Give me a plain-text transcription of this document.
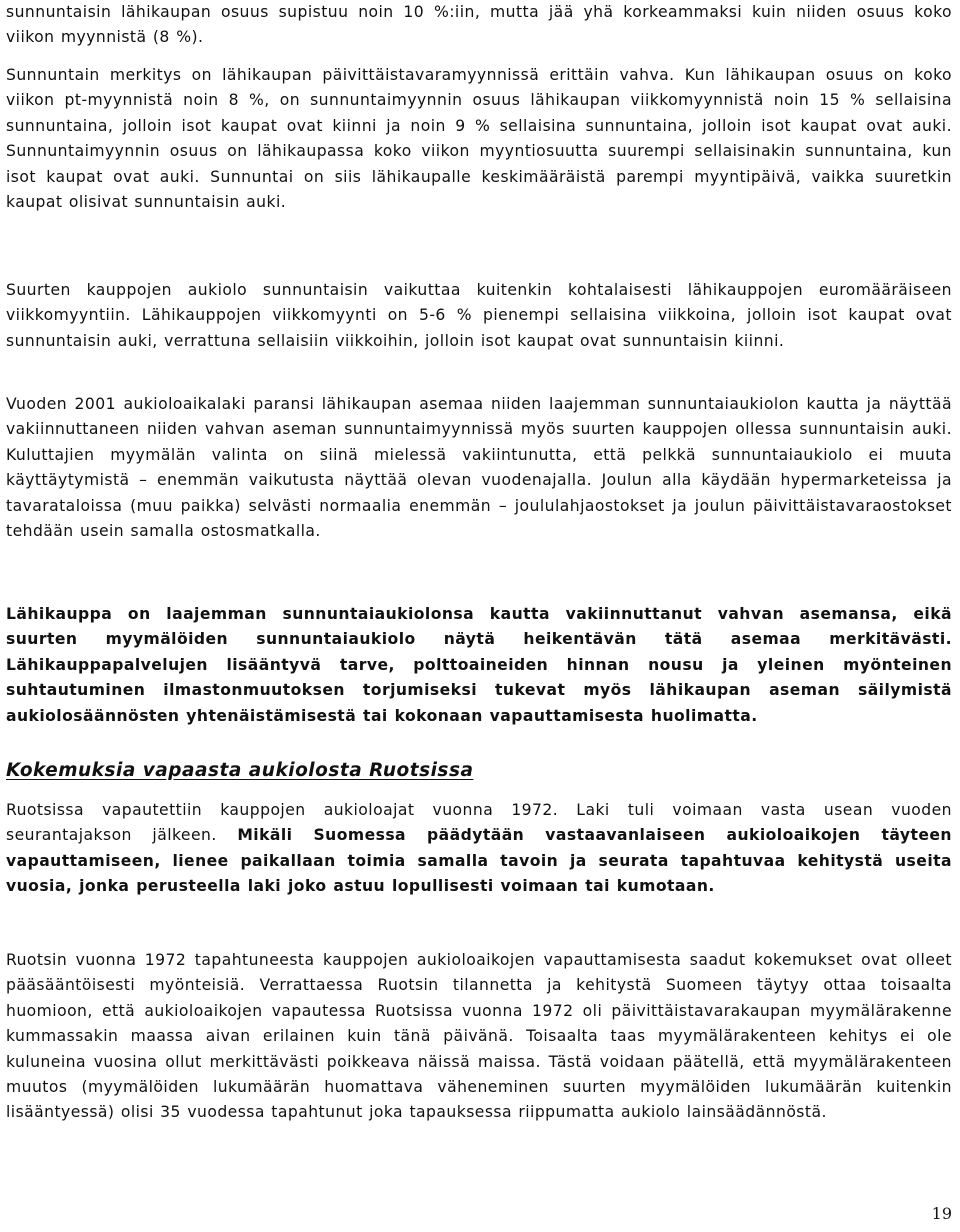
sunnuntaisin lähikaupan osuus supistuu noin 10 %:iin, mutta jää yhä korkeammaksi kuin niiden osuus koko viikon myynnistä (8 %).

Sunnuntain merkitys on lähikaupan päivittäistavaramyynnissä erittäin vahva. Kun lähikaupan osuus on koko viikon pt-myynnistä noin 8 %, on sunnuntaimyynnin osuus lähikaupan viikkomyynnistä noin 15 % sellaisina sunnuntaina, jolloin isot kaupat ovat kiinni ja noin 9 % sellaisina sunnuntaina, jolloin isot kaupat ovat auki. Sunnuntaimyynnin osuus on lähikaupassa koko viikon myyntiosuutta suurempi sellaisinakin sunnuntaina, kun isot kaupat ovat auki. Sunnuntai on siis lähikaupalle keskimääräistä parempi myyntipäivä, vaikka suuretkin kaupat olisivat sunnuntaisin auki.

Suurten kauppojen aukiolo sunnuntaisin vaikuttaa kuitenkin kohtalaisesti lähikauppojen euromääräiseen viikkomyyntiin. Lähikauppojen viikkomyynti on 5-6 % pienempi sellaisina viikkoina, jolloin isot kaupat ovat sunnuntaisin auki, verrattuna sellaisiin viikkoihin, jolloin isot kaupat ovat sunnuntaisin kiinni.

Vuoden 2001 aukioloaikalaki paransi lähikaupan asemaa niiden laajemman sunnuntaiaukiolon kautta ja näyttää vakiinnuttaneen niiden vahvan aseman sunnuntaimyynnissä myös suurten kauppojen ollessa sunnuntaisin auki. Kuluttajien myymälän valinta on siinä mielessä vakiintunutta, että pelkkä sunnuntaiaukiolo ei muuta käyttäytymistä – enemmän vaikutusta näyttää olevan vuodenajalla. Joulun alla käydään hypermarketeissa ja tavarataloissa (muu paikka) selvästi normaalia enemmän – joululahjaostokset ja joulun päivittäistavaraostokset tehdään usein samalla ostosmatkalla.

Lähikauppa on laajemman sunnuntaiaukiolonsa kautta vakiinnuttanut vahvan asemansa, eikä suurten myymälöiden sunnuntaiaukiolo näytä heikentävän tätä asemaa merkitävästi. Lähikauppapalvelujen lisääntyvä tarve, polttoaineiden hinnan nousu ja yleinen myönteinen suhtautuminen ilmastonmuutoksen torjumiseksi tukevat myös lähikaupan aseman säilymistä aukiolosäännösten yhtenäistämisestä tai kokonaan vapauttamisesta huolimatta.

Kokemuksia vapaasta aukiolosta Ruotsissa

Ruotsissa vapautettiin kauppojen aukioloajat vuonna 1972. Laki tuli voimaan vasta usean vuoden seurantajakson jälkeen. Mikäli Suomessa päädytään vastaavanlaiseen aukioloaikojen täyteen vapauttamiseen, lienee paikallaan toimia samalla tavoin ja seurata tapahtuvaa kehitystä useita vuosia, jonka perusteella laki joko astuu lopullisesti voimaan tai kumotaan.

Ruotsin vuonna 1972 tapahtuneesta kauppojen aukioloaikojen vapauttamisesta saadut kokemukset ovat olleet pääsääntöisesti myönteisiä. Verrattaessa Ruotsin tilannetta ja kehitystä Suomeen täytyy ottaa toisaalta huomioon, että aukioloaikojen vapautessa Ruotsissa vuonna 1972 oli päivittäistavarakaupan myymälärakenne kummassakin maassa aivan erilainen kuin tänä päivänä. Toisaalta taas myymälärakenteen kehitys ei ole kuluneina vuosina ollut merkittävästi poikkeava näissä maissa. Tästä voidaan päätellä, että myymälärakenteen muutos (myymälöiden lukumäärän huomattava väheneminen suurten myymälöiden lukumäärän kuitenkin lisääntyessä) olisi 35 vuodessa tapahtunut joka tapauksessa riippumatta aukiolo lainsäädännöstä.

19
